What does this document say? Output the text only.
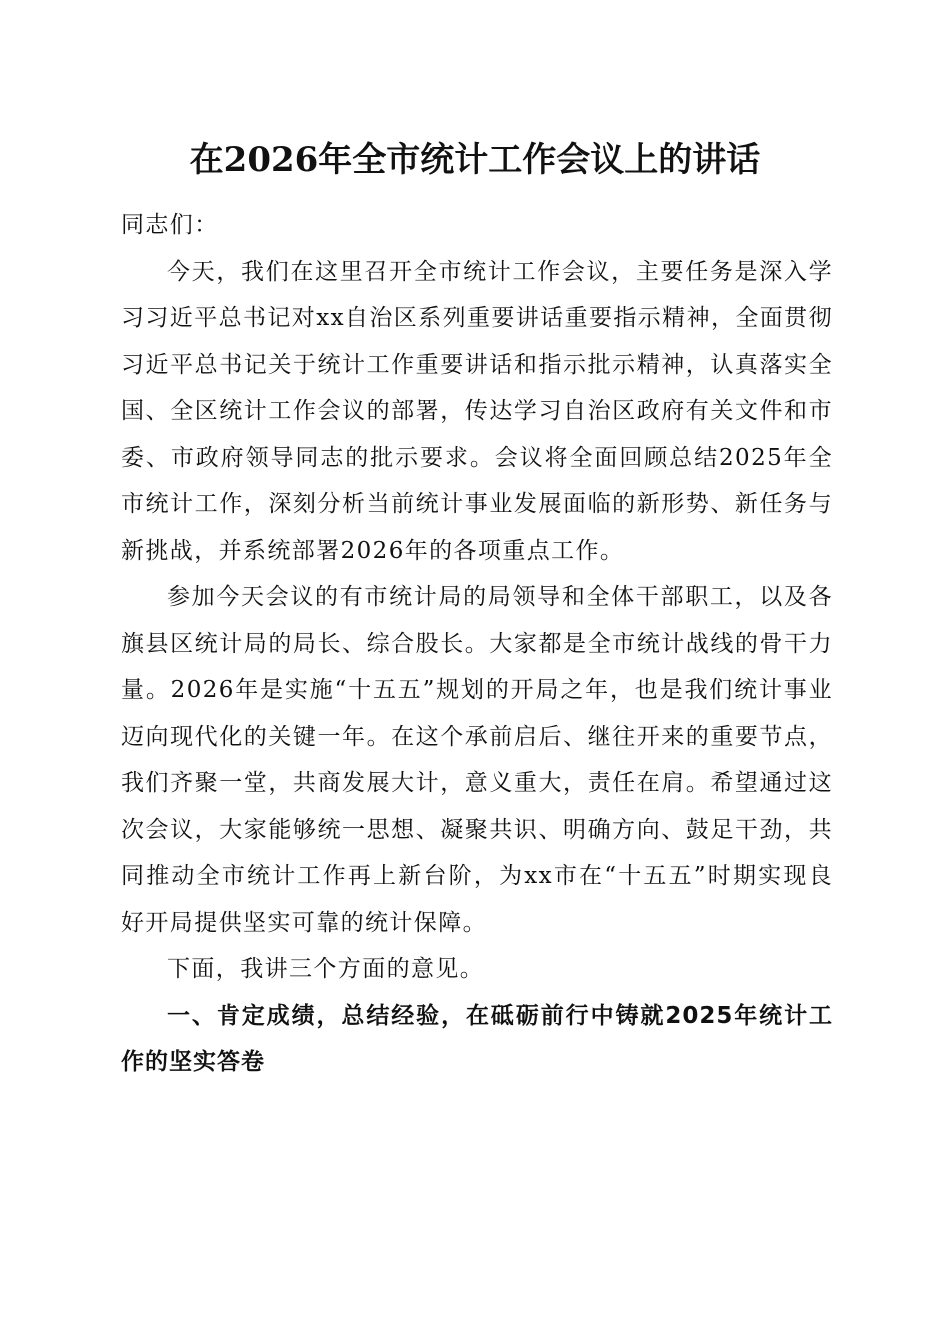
在2026年全市统计工作会议上的讲话

同志们：

今天，我们在这里召开全市统计工作会议，主要任务是深入学习习近平总书记对xx自治区系列重要讲话重要指示精神，全面贯彻习近平总书记关于统计工作重要讲话和指示批示精神，认真落实全国、全区统计工作会议的部署，传达学习自治区政府有关文件和市委、市政府领导同志的批示要求。会议将全面回顾总结2025年全市统计工作，深刻分析当前统计事业发展面临的新形势、新任务与新挑战，并系统部署2026年的各项重点工作。

参加今天会议的有市统计局的局领导和全体干部职工，以及各旗县区统计局的局长、综合股长。大家都是全市统计战线的骨干力量。2026年是实施“十五五”规划的开局之年，也是我们统计事业迈向现代化的关键一年。在这个承前启后、继往开来的重要节点，我们齐聚一堂，共商发展大计，意义重大，责任在肩。希望通过这次会议，大家能够统一思想、凝聚共识、明确方向、鼓足干劲，共同推动全市统计工作再上新台阶，为xx市在“十五五”时期实现良好开局提供坚实可靠的统计保障。

下面，我讲三个方面的意见。

一、肯定成绩，总结经验，在砥砺前行中铸就2025年统计工作的坚实答卷
